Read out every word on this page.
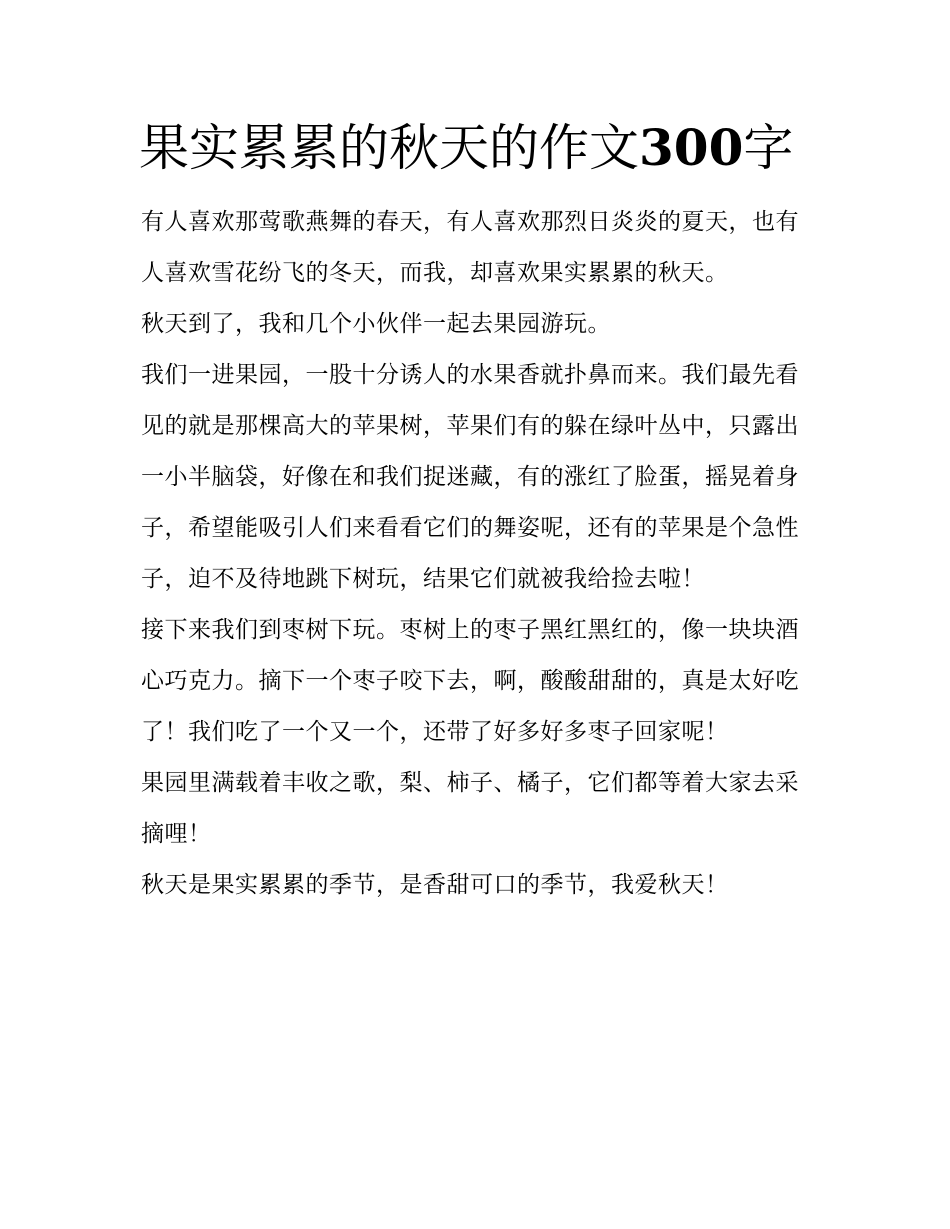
果实累累的秋天的作文300字

有人喜欢那莺歌燕舞的春天，有人喜欢那烈日炎炎的夏天，也有人喜欢雪花纷飞的冬天，而我，却喜欢果实累累的秋天。

秋天到了，我和几个小伙伴一起去果园游玩。

我们一进果园，一股十分诱人的水果香就扑鼻而来。我们最先看见的就是那棵高大的苹果树，苹果们有的躲在绿叶丛中，只露出一小半脑袋，好像在和我们捉迷藏，有的涨红了脸蛋，摇晃着身子，希望能吸引人们来看看它们的舞姿呢，还有的苹果是个急性子，迫不及待地跳下树玩，结果它们就被我给捡去啦！

接下来我们到枣树下玩。枣树上的枣子黑红黑红的，像一块块酒心巧克力。摘下一个枣子咬下去，啊，酸酸甜甜的，真是太好吃了！我们吃了一个又一个，还带了好多好多枣子回家呢！

果园里满载着丰收之歌，梨、柿子、橘子，它们都等着大家去采摘哩！

秋天是果实累累的季节，是香甜可口的季节，我爱秋天！
